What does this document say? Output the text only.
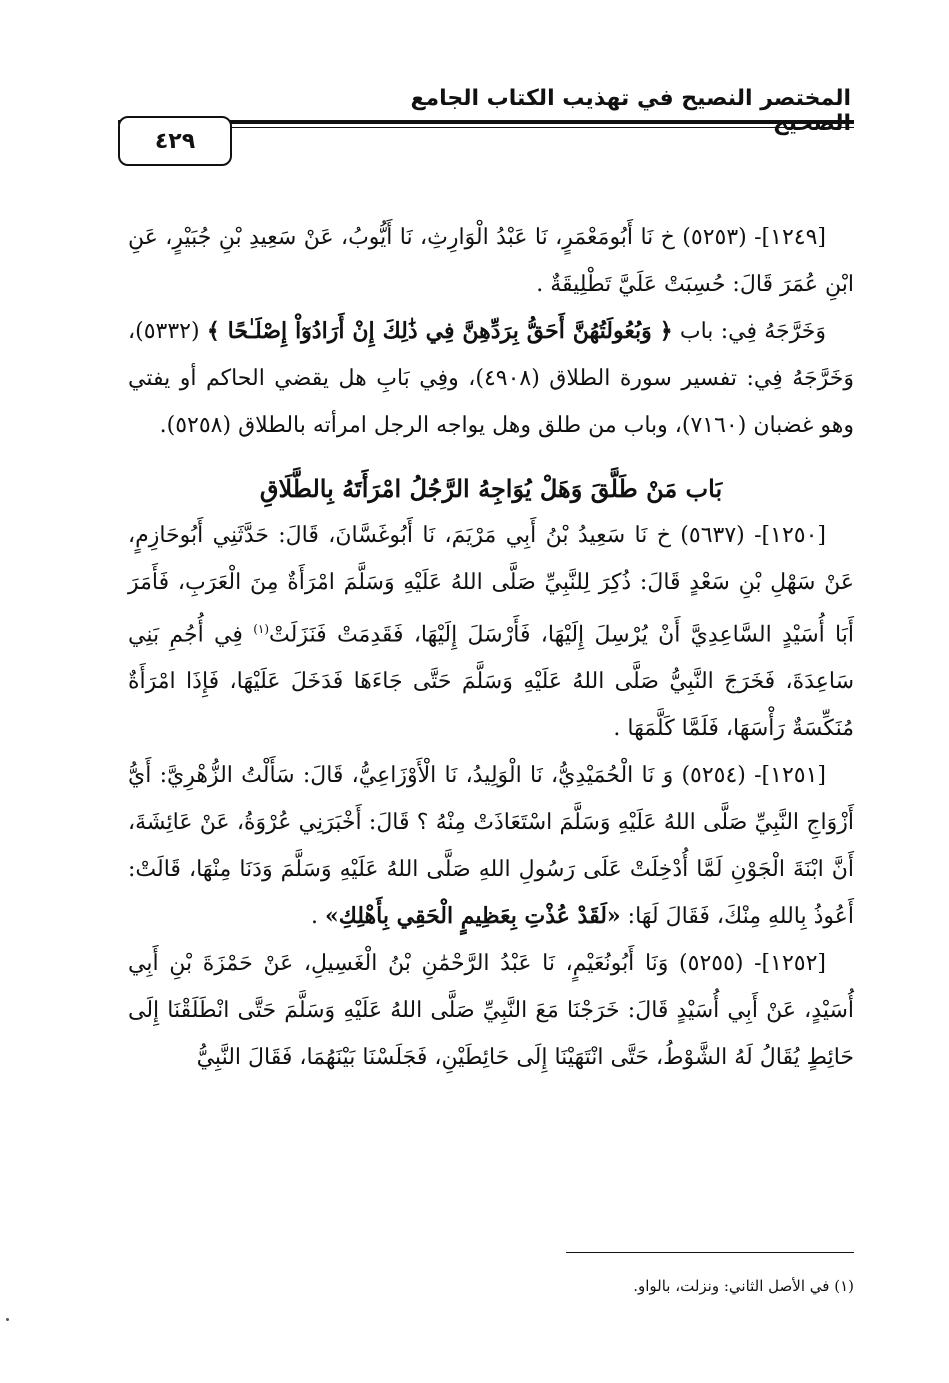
المختصر النصيح في تهذيب الكتاب الجامع
٤٢٩

[١٢٤٩]- (٥٢٥٣) خ نَا أَبُومَعْمَرٍ، نَا عَبْدُ الْوَارِثِ، نَا أَيُّوبُ، عَنْ سَعِيدِ بْنِ جُبَيْرٍ، عَنِ ابْنِ عُمَرَ قَالَ: حُسِبَتْ عَلَيَّ تَطْلِيقَةٌ .

وَخَرَّجَهُ فِي: باب ﴿ وَبُعُولَتُهُنَّ أَحَقُّ بِرَدِّهِنَّ فِي ذَٰلِكَ إِنْ أَرَادُوٓاْ إِصْلَـٰحًا ﴾ (٥٣٣٢)، وَخَرَّجَهُ فِي: تفسير سورة الطلاق (٤٩٠٨)، وفِي بَابِ هل يقضي الحاكم أو يفتي وهو غضبان (٧١٦٠)، وباب من طلق وهل يواجه الرجل امرأته بالطلاق (٥٢٥٨).

بَاب مَنْ طَلَّقَ وَهَلْ يُوَاجِهُ الرَّجُلُ امْرَأَتَهُ بِالطَّلَاقِ

[١٢٥٠]- (٥٦٣٧) خ نَا سَعِيدُ بْنُ أَبِي مَرْيَمَ، نَا أَبُوغَسَّانَ، قَالَ: حَدَّثَنِي أَبُوحَازِمٍ، عَنْ سَهْلِ بْنِ سَعْدٍ قَالَ: ذُكِرَ لِلنَّبِيِّ صَلَّى اللهُ عَلَيْهِ وَسَلَّمَ امْرَأَةٌ مِنَ الْعَرَبِ، فَأَمَرَ أَبَا أُسَيْدٍ السَّاعِدِيَّ أَنْ يُرْسِلَ إِلَيْهَا، فَأَرْسَلَ إِلَيْهَا، فَقَدِمَتْ فَنَزَلَتْ$^{(١)}$ فِي أُجُمِ بَنِي سَاعِدَةَ، فَخَرَجَ النَّبِيُّ صَلَّى اللهُ عَلَيْهِ وَسَلَّمَ حَتَّى جَاءَهَا فَدَخَلَ عَلَيْهَا، فَإِذَا امْرَأَةٌ مُنَكِّسَةٌ رَأْسَهَا، فَلَمَّا كَلَّمَهَا .

[١٢٥١]- (٥٢٥٤) وَ نَا الْحُمَيْدِيُّ، نَا الْوَلِيدُ، نَا الْأَوْزَاعِيُّ، قَالَ: سَأَلْتُ الزُّهْرِيَّ: أَيُّ أَزْوَاجِ النَّبِيِّ صَلَّى اللهُ عَلَيْهِ وَسَلَّمَ اسْتَعَاذَتْ مِنْهُ ؟ قَالَ: أَخْبَرَنِي عُرْوَةُ، عَنْ عَائِشَةَ، أَنَّ ابْنَةَ الْجَوْنِ لَمَّا أُدْخِلَتْ عَلَى رَسُولِ اللهِ صَلَّى اللهُ عَلَيْهِ وَسَلَّمَ وَدَنَا مِنْهَا، قَالَتْ: أَعُوذُ بِاللهِ مِنْكَ، فَقَالَ لَهَا: «لَقَدْ عُذْتِ بِعَظِيمٍ الْحَقِي بِأَهْلِكِ» .

[١٢٥٢]- (٥٢٥٥) وَنَا أَبُونُعَيْمٍ، نَا عَبْدُ الرَّحْمَٰنِ بْنُ الْغَسِيلِ، عَنْ حَمْزَةَ بْنِ أَبِي أُسَيْدٍ، عَنْ أَبِي أُسَيْدٍ قَالَ: خَرَجْنَا مَعَ النَّبِيِّ صَلَّى اللهُ عَلَيْهِ وَسَلَّمَ حَتَّى انْطَلَقْنَا إِلَى حَائِطٍ يُقَالُ لَهُ الشَّوْطُ، حَتَّى انْتَهَيْنَا إِلَى حَائِطَيْنِ، فَجَلَسْنَا بَيْنَهُمَا، فَقَالَ النَّبِيُّ

(١) في الأصل الثاني: ونزلت، بالواو.
